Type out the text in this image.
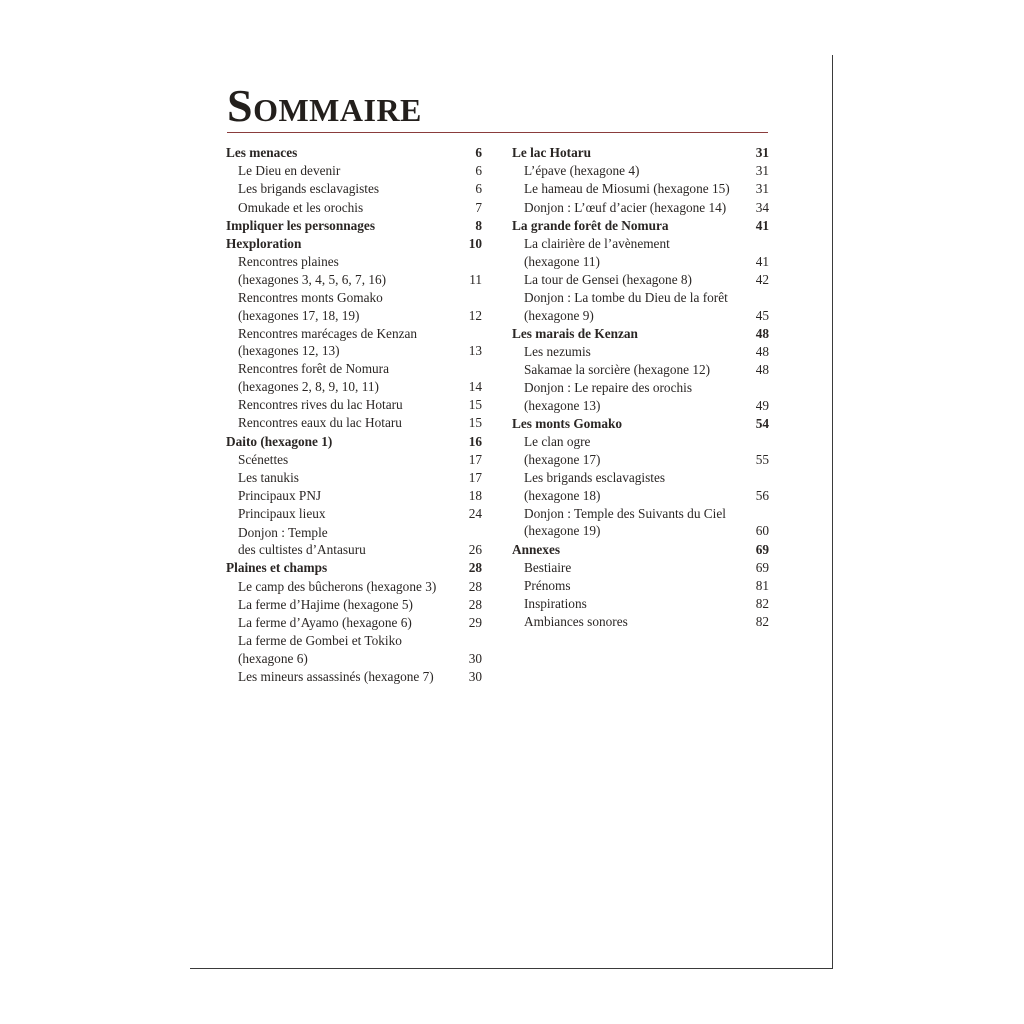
Sommaire
Les menaces	6
Le Dieu en devenir	6
Les brigands esclavagistes	6
Omukade et les orochis	7
Impliquer les personnages	8
Hexploration	10
Rencontres plaines
(hexagones 3, 4, 5, 6, 7, 16)	11
Rencontres monts Gomako
(hexagones 17, 18, 19)	12
Rencontres marécages de Kenzan
(hexagones 12, 13)	13
Rencontres forêt de Nomura
(hexagones 2, 8, 9, 10, 11)	14
Rencontres rives du lac Hotaru	15
Rencontres eaux du lac Hotaru	15
Daito (hexagone 1)	16
Scénettes	17
Les tanukis	17
Principaux PNJ	18
Principaux lieux	24
Donjon : Temple
des cultistes d’Antasuru	26
Plaines et champs	28
Le camp des bûcherons (hexagone 3)	28
La ferme d’Hajime (hexagone 5)	28
La ferme d’Ayamo (hexagone 6)	29
La ferme de Gombei et Tokiko
(hexagone 6)	30
Les mineurs assassinés (hexagone 7)	30
Le lac Hotaru	31
L’épave (hexagone 4)	31
Le hameau de Miosumi (hexagone 15)	31
Donjon : L’œuf d’acier (hexagone 14)	34
La grande forêt de Nomura	41
La clairière de l’avènement
(hexagone 11)	41
La tour de Gensei (hexagone 8)	42
Donjon : La tombe du Dieu de la forêt
(hexagone 9)	45
Les marais de Kenzan	48
Les nezumis	48
Sakamae la sorcière (hexagone 12)	48
Donjon : Le repaire des orochis
(hexagone 13)	49
Les monts Gomako	54
Le clan ogre
(hexagone 17)	55
Les brigands esclavagistes
(hexagone 18)	56
Donjon : Temple des Suivants du Ciel
(hexagone 19)	60
Annexes	69
Bestiaire	69
Prénoms	81
Inspirations	82
Ambiances sonores	82
